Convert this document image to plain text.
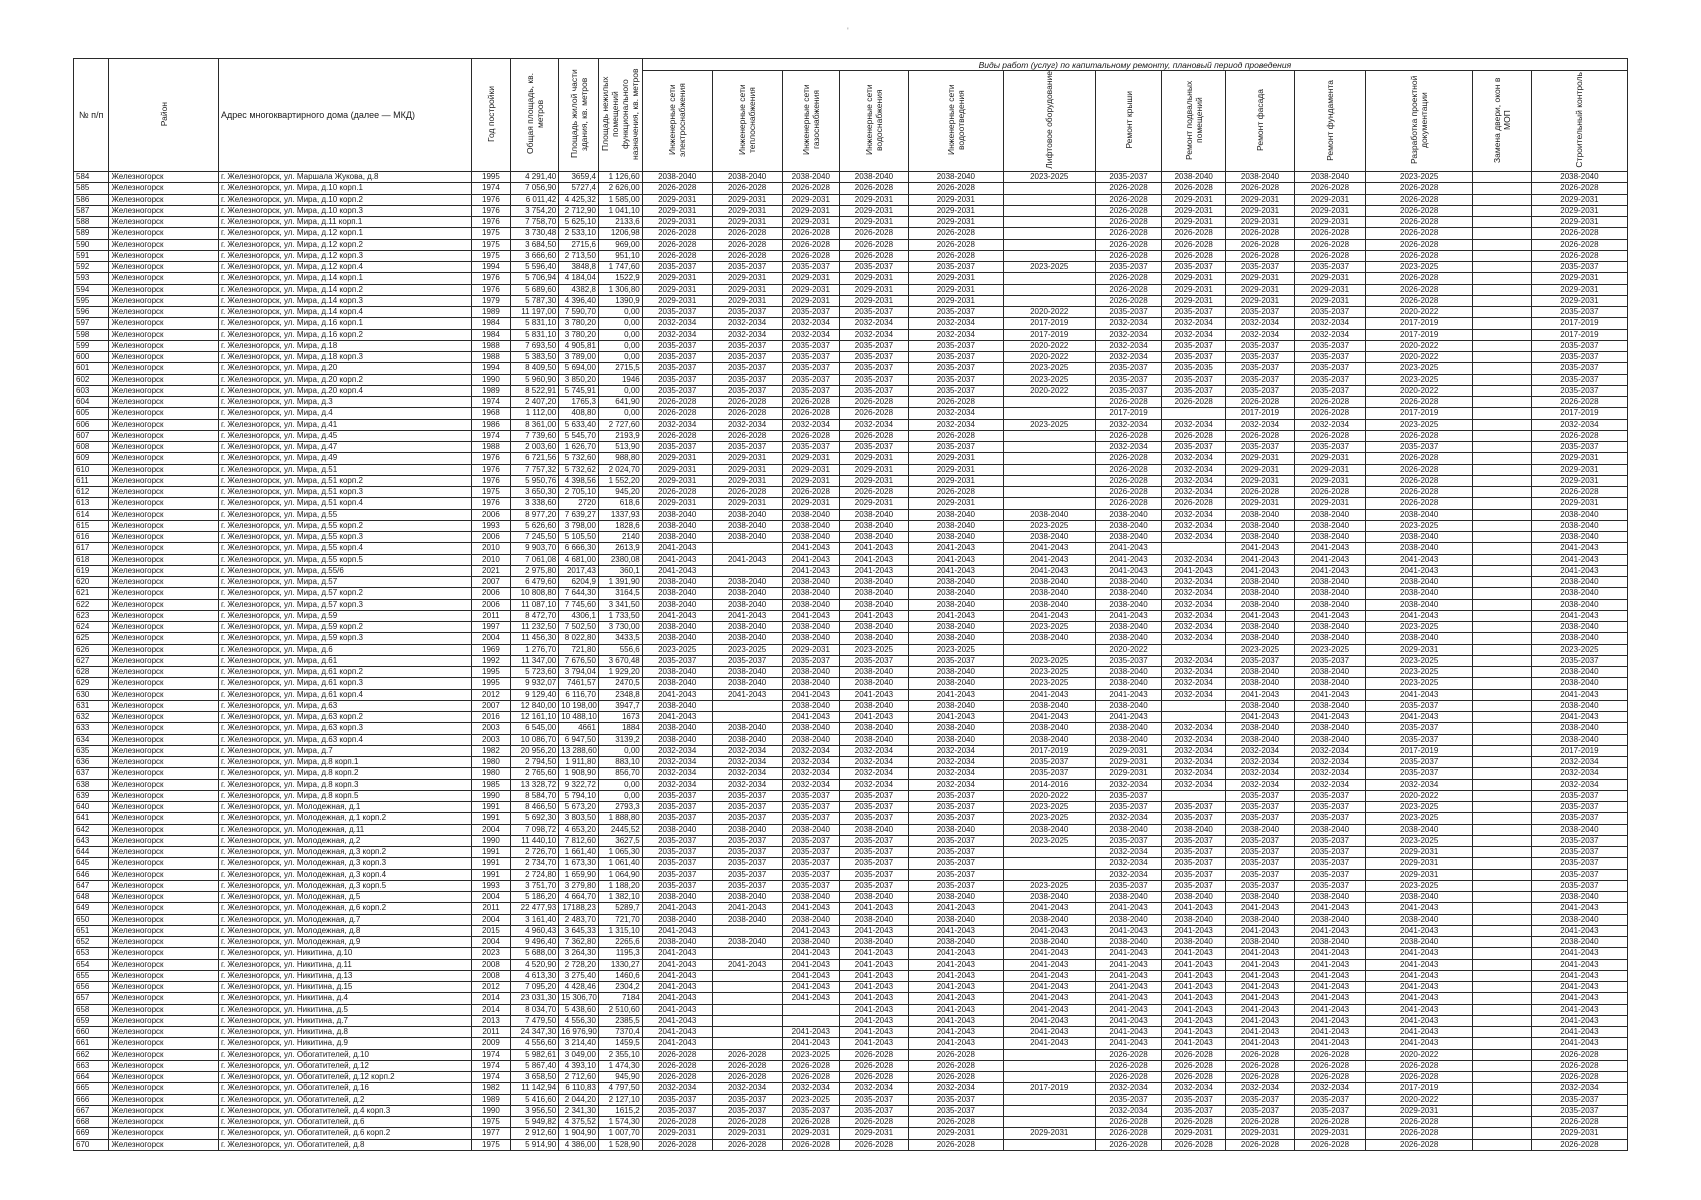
'
№ п/п	Район	Адрес многоквартирного дома (далее — МКД)	Год постройки	Общая площадь, кв. метров	Площадь жилой части здания, кв. метров	Площадь нежилых помещений функционального назначения, кв. метров	Виды работ (услуг) по капитальному ремонту, плановый период проведения												
							Инженерные сети электроснабжения	Инженерные сети теплоснабжения	Инженерные сети газоснабжения	Инженерные сети водоснабжения	Инженерные сети водоотведения	Лифтовое оборудование	Ремонт крыши	Ремонт подвальных помещений	Ремонт фасада	Ремонт фундамента	Разработка проектной документации	Замена двери, окон в МОП	Строительный контроль
584	Железногорск	г. Железногорск, ул. Маршала Жукова, д.8	1995	4 291,40	3659,4	1 126,60	2038-2040	2038-2040	2038-2040	2038-2040	2038-2040	2023-2025	2035-2037	2038-2040	2038-2040	2038-2040	2023-2025		2038-2040
585	Железногорск	г. Железногорск, ул. Мира, д.10 корп.1	1974	7 056,90	5727,4	2 626,00	2026-2028	2026-2028	2026-2028	2026-2028	2026-2028		2026-2028	2026-2028	2026-2028	2026-2028	2026-2028		2026-2028
586	Железногорск	г. Железногорск, ул. Мира, д.10 корп.2	1976	6 011,42	4 425,32	1 585,00	2029-2031	2029-2031	2029-2031	2029-2031	2029-2031		2026-2028	2029-2031	2029-2031	2029-2031	2026-2028		2029-2031
587	Железногорск	г. Железногорск, ул. Мира, д.10 корп.3	1976	3 754,20	2 712,90	1 041,10	2029-2031	2029-2031	2029-2031	2029-2031	2029-2031		2026-2028	2029-2031	2029-2031	2029-2031	2026-2028		2029-2031
588	Железногорск	г. Железногорск, ул. Мира, д.11 корп.1	1976	7 758,70	5 625,10	2133,6	2029-2031	2029-2031	2029-2031	2029-2031	2029-2031		2026-2028	2029-2031	2029-2031	2029-2031	2026-2028		2029-2031
589	Железногорск	г. Железногорск, ул. Мира, д.12 корп.1	1975	3 730,48	2 533,10	1206,98	2026-2028	2026-2028	2026-2028	2026-2028	2026-2028		2026-2028	2026-2028	2026-2028	2026-2028	2026-2028		2026-2028
590	Железногорск	г. Железногорск, ул. Мира, д.12 корп.2	1975	3 684,50	2715,6	969,00	2026-2028	2026-2028	2026-2028	2026-2028	2026-2028		2026-2028	2026-2028	2026-2028	2026-2028	2026-2028		2026-2028
591	Железногорск	г. Железногорск, ул. Мира, д.12 корп.3	1975	3 666,60	2 713,50	951,10	2026-2028	2026-2028	2026-2028	2026-2028	2026-2028		2026-2028	2026-2028	2026-2028	2026-2028	2026-2028		2026-2028
592	Железногорск	г. Железногорск, ул. Мира, д.12 корп.4	1994	5 596,40	3848,8	1 747,60	2035-2037	2035-2037	2035-2037	2035-2037	2035-2037	2023-2025	2035-2037	2035-2037	2035-2037	2035-2037	2023-2025		2035-2037
593	Железногорск	г. Железногорск, ул. Мира, д.14 корп.1	1976	5 706,94	4 184,04	1522,9	2029-2031	2029-2031	2029-2031	2029-2031	2029-2031		2026-2028	2029-2031	2029-2031	2029-2031	2026-2028		2029-2031
594	Железногорск	г. Железногорск, ул. Мира, д.14 корп.2	1976	5 689,60	4382,8	1 306,80	2029-2031	2029-2031	2029-2031	2029-2031	2029-2031		2026-2028	2029-2031	2029-2031	2029-2031	2026-2028		2029-2031
595	Железногорск	г. Железногорск, ул. Мира, д.14 корп.3	1979	5 787,30	4 396,40	1390,9	2029-2031	2029-2031	2029-2031	2029-2031	2029-2031		2026-2028	2029-2031	2029-2031	2029-2031	2026-2028		2029-2031
596	Железногорск	г. Железногорск, ул. Мира, д.14 корп.4	1989	11 197,00	7 590,70	0,00	2035-2037	2035-2037	2035-2037	2035-2037	2035-2037	2020-2022	2035-2037	2035-2037	2035-2037	2035-2037	2020-2022		2035-2037
597	Железногорск	г. Железногорск, ул. Мира, д.16 корп.1	1984	5 831,10	3 780,20	0,00	2032-2034	2032-2034	2032-2034	2032-2034	2032-2034	2017-2019	2032-2034	2032-2034	2032-2034	2032-2034	2017-2019		2017-2019
598	Железногорск	г. Железногорск, ул. Мира, д.16 корп.2	1984	5 831,10	3 780,20	0,00	2032-2034	2032-2034	2032-2034	2032-2034	2032-2034	2017-2019	2032-2034	2032-2034	2032-2034	2032-2034	2017-2019		2017-2019
599	Железногорск	г. Железногорск, ул. Мира, д.18	1988	7 693,50	4 905,81	0,00	2035-2037	2035-2037	2035-2037	2035-2037	2035-2037	2020-2022	2032-2034	2035-2037	2035-2037	2035-2037	2020-2022		2035-2037
600	Железногорск	г. Железногорск, ул. Мира, д.18 корп.3	1988	5 383,50	3 789,00	0,00	2035-2037	2035-2037	2035-2037	2035-2037	2035-2037	2020-2022	2032-2034	2035-2037	2035-2037	2035-2037	2020-2022		2035-2037
601	Железногорск	г. Железногорск, ул. Мира, д.20	1994	8 409,50	5 694,00	2715,5	2035-2037	2035-2037	2035-2037	2035-2037	2035-2037	2023-2025	2035-2037	2035-2035	2035-2037	2035-2037	2023-2025		2035-2037
602	Железногорск	г. Железногорск, ул. Мира, д.20 корп.2	1990	5 960,90	3 850,20	1946	2035-2037	2035-2037	2035-2037	2035-2037	2035-2037	2023-2025	2035-2037	2035-2037	2035-2037	2035-2037	2023-2025		2035-2037
603	Железногорск	г. Железногорск, ул. Мира, д.20 корп.4	1989	8 522,91	5 745,91	0,00	2035-2037	2035-2037	2035-2037	2035-2037	2035-2037	2020-2022	2035-2037	2035-2037	2035-2037	2035-2037	2020-2022		2035-2037
604	Железногорск	г. Железногорск, ул. Мира, д.3	1974	2 407,20	1765,3	641,90	2026-2028	2026-2028	2026-2028	2026-2028	2026-2028		2026-2028	2026-2028	2026-2028	2026-2028	2026-2028		2026-2028
605	Железногорск	г. Железногорск, ул. Мира, д.4	1968	1 112,00	408,80	0,00	2026-2028	2026-2028	2026-2028	2026-2028	2032-2034		2017-2019		2017-2019	2026-2028	2017-2019		2017-2019
606	Железногорск	г. Железногорск, ул. Мира, д.41	1986	8 361,00	5 633,40	2 727,60	2032-2034	2032-2034	2032-2034	2032-2034	2032-2034	2023-2025	2032-2034	2032-2034	2032-2034	2032-2034	2023-2025		2032-2034
607	Железногорск	г. Железногорск, ул. Мира, д.45	1974	7 739,60	5 545,70	2193,9	2026-2028	2026-2028	2026-2028	2026-2028	2026-2028		2026-2028	2026-2028	2026-2028	2026-2028	2026-2028		2026-2028
608	Железногорск	г. Железногорск, ул. Мира, д.47	1988	2 003,60	1 626,70	513,90	2035-2037	2035-2037	2035-2037	2035-2037	2035-2037		2032-2034	2035-2037	2035-2037	2035-2037	2035-2037		2035-2037
609	Железногорск	г. Железногорск, ул. Мира, д.49	1976	6 721,56	5 732,60	988,80	2029-2031	2029-2031	2029-2031	2029-2031	2029-2031		2026-2028	2032-2034	2029-2031	2029-2031	2026-2028		2029-2031
610	Железногорск	г. Железногорск, ул. Мира, д.51	1976	7 757,32	5 732,62	2 024,70	2029-2031	2029-2031	2029-2031	2029-2031	2029-2031		2026-2028	2032-2034	2029-2031	2029-2031	2026-2028		2029-2031
611	Железногорск	г. Железногорск, ул. Мира, д.51 корп.2	1976	5 950,76	4 398,56	1 552,20	2029-2031	2029-2031	2029-2031	2029-2031	2029-2031		2026-2028	2032-2034	2029-2031	2029-2031	2026-2028		2029-2031
612	Железногорск	г. Железногорск, ул. Мира, д.51 корп.3	1975	3 650,30	2 705,10	945,20	2026-2028	2026-2028	2026-2028	2026-2028	2026-2028		2026-2028	2032-2034	2026-2028	2026-2028	2026-2028		2026-2028
613	Железногорск	г. Железногорск, ул. Мира, д.51 корп.4	1976	3 338,60	2720	618,6	2029-2031	2029-2031	2029-2031	2029-2031	2029-2031		2026-2028	2026-2028	2029-2031	2029-2031	2026-2028		2029-2031
614	Железногорск	г. Железногорск, ул. Мира, д.55	2006	8 977,20	7 639,27	1337,93	2038-2040	2038-2040	2038-2040	2038-2040	2038-2040	2038-2040	2038-2040	2032-2034	2038-2040	2038-2040	2038-2040		2038-2040
615	Железногорск	г. Железногорск, ул. Мира, д.55 корп.2	1993	5 626,60	3 798,00	1828,6	2038-2040	2038-2040	2038-2040	2038-2040	2038-2040	2023-2025	2038-2040	2032-2034	2038-2040	2038-2040	2023-2025		2038-2040
616	Железногорск	г. Железногорск, ул. Мира, д.55 корп.3	2006	7 245,50	5 105,50	2140	2038-2040	2038-2040	2038-2040	2038-2040	2038-2040	2038-2040	2038-2040	2032-2034	2038-2040	2038-2040	2038-2040		2038-2040
617	Железногорск	г. Железногорск, ул. Мира, д.55 корп.4	2010	9 903,70	6 666,30	2613,9	2041-2043		2041-2043	2041-2043	2041-2043	2041-2043	2041-2043		2041-2043	2041-2043	2038-2040		2041-2043
618	Железногорск	г. Железногорск, ул. Мира, д.55 корп.5	2010	7 061,08	4 681,00	2380,08	2041-2043	2041-2043	2041-2043	2041-2043	2041-2043	2041-2043	2041-2043	2032-2034	2041-2043	2041-2043	2041-2043		2041-2043
619	Железногорск	г. Железногорск, ул. Мира, д.55/6	2021	2 975,80	2017,43	360,1	2041-2043		2041-2043	2041-2043	2041-2043	2041-2043	2041-2043	2041-2043	2041-2043	2041-2043	2041-2043		2041-2043
620	Железногорск	г. Железногорск, ул. Мира, д.57	2007	6 479,60	6204,9	1 391,90	2038-2040	2038-2040	2038-2040	2038-2040	2038-2040	2038-2040	2038-2040	2032-2034	2038-2040	2038-2040	2038-2040		2038-2040
621	Железногорск	г. Железногорск, ул. Мира, д.57 корп.2	2006	10 808,80	7 644,30	3164,5	2038-2040	2038-2040	2038-2040	2038-2040	2038-2040	2038-2040	2038-2040	2032-2034	2038-2040	2038-2040	2038-2040		2038-2040
622	Железногорск	г. Железногорск, ул. Мира, д.57 корп.3	2006	11 087,10	7 745,60	3 341,50	2038-2040	2038-2040	2038-2040	2038-2040	2038-2040	2038-2040	2038-2040	2032-2034	2038-2040	2038-2040	2038-2040		2038-2040
623	Железногорск	г. Железногорск, ул. Мира, д.59	2011	8 472,70	4306,1	1 733,50	2041-2043	2041-2043	2041-2043	2041-2043	2041-2043	2041-2043	2041-2043	2032-2034	2041-2043	2041-2043	2041-2043		2041-2043
624	Железногорск	г. Железногорск, ул. Мира, д.59 корп.2	1997	11 232,50	7 502,50	3 730,00	2038-2040	2038-2040	2038-2040	2038-2040	2038-2040	2023-2025	2038-2040	2032-2034	2038-2040	2038-2040	2023-2025		2038-2040
625	Железногорск	г. Железногорск, ул. Мира, д.59 корп.3	2004	11 456,30	8 022,80	3433,5	2038-2040	2038-2040	2038-2040	2038-2040	2038-2040	2038-2040	2038-2040	2032-2034	2038-2040	2038-2040	2038-2040		2038-2040
626	Железногорск	г. Железногорск, ул. Мира, д.6	1969	1 276,70	721,80	556,6	2023-2025	2023-2025	2029-2031	2023-2025	2023-2025		2020-2022		2023-2025	2023-2025	2029-2031		2023-2025
627	Железногорск	г. Железногорск, ул. Мира, д.61	1992	11 347,00	7 676,50	3 670,48	2035-2037	2035-2037	2035-2037	2035-2037	2035-2037	2023-2025	2035-2037	2032-2034	2035-2037	2035-2037	2023-2025		2035-2037
628	Железногорск	г. Железногорск, ул. Мира, д.61 корп.2	1995	5 723,60	3 794,04	1 929,20	2038-2040	2038-2040	2038-2040	2038-2040	2038-2040	2023-2025	2038-2040	2032-2034	2038-2040	2038-2040	2023-2025		2038-2040
629	Железногорск	г. Железногорск, ул. Мира, д.61 корп.3	1995	9 932,07	7461,57	2470,5	2038-2040	2038-2040	2038-2040	2038-2040	2038-2040	2023-2025	2038-2040	2032-2034	2038-2040	2038-2040	2023-2025		2038-2040
630	Железногорск	г. Железногорск, ул. Мира, д.61 корп.4	2012	9 129,40	6 116,70	2348,8	2041-2043	2041-2043	2041-2043	2041-2043	2041-2043	2041-2043	2041-2043	2032-2034	2041-2043	2041-2043	2041-2043		2041-2043
631	Железногорск	г. Железногорск, ул. Мира, д.63	2007	12 840,00	10 198,00	3947,7	2038-2040		2038-2040	2038-2040	2038-2040	2038-2040	2038-2040		2038-2040	2038-2040	2035-2037		2038-2040
632	Железногорск	г. Железногорск, ул. Мира, д.63 корп.2	2016	12 161,10	10 488,10	1673	2041-2043		2041-2043	2041-2043	2041-2043	2041-2043	2041-2043		2041-2043	2041-2043	2041-2043		2041-2043
633	Железногорск	г. Железногорск, ул. Мира, д.63 корп.3	2003	6 545,00	4661	1884	2038-2040	2038-2040	2038-2040	2038-2040	2038-2040	2038-2040	2038-2040	2032-2034	2038-2040	2038-2040	2035-2037		2038-2040
634	Железногорск	г. Железногорск, ул. Мира, д.63 корп.4	2003	10 086,70	6 947,50	3139,2	2038-2040	2038-2040	2038-2040	2038-2040	2038-2040	2038-2040	2038-2040	2032-2034	2038-2040	2038-2040	2035-2037		2038-2040
635	Железногорск	г. Железногорск, ул. Мира, д.7	1982	20 956,20	13 288,60	0,00	2032-2034	2032-2034	2032-2034	2032-2034	2032-2034	2017-2019	2029-2031	2032-2034	2032-2034	2032-2034	2017-2019		2017-2019
636	Железногорск	г. Железногорск, ул. Мира, д.8 корп.1	1980	2 794,50	1 911,80	883,10	2032-2034	2032-2034	2032-2034	2032-2034	2032-2034	2035-2037	2029-2031	2032-2034	2032-2034	2032-2034	2035-2037		2032-2034
637	Железногорск	г. Железногорск, ул. Мира, д.8 корп.2	1980	2 765,60	1 908,90	856,70	2032-2034	2032-2034	2032-2034	2032-2034	2032-2034	2035-2037	2029-2031	2032-2034	2032-2034	2032-2034	2035-2037		2032-2034
638	Железногорск	г. Железногорск, ул. Мира, д.8 корп.3	1985	13 328,72	9 322,72	0,00	2032-2034	2032-2034	2032-2034	2032-2034	2032-2034	2014-2016	2032-2034	2032-2034	2032-2034	2032-2034	2032-2034		2032-2034
639	Железногорск	г. Железногорск, ул. Мира, д.8 корп.5	1990	8 584,70	5 794,10	0,00	2035-2037	2035-2037	2035-2037	2035-2037	2035-2037	2020-2022	2035-2037		2035-2037	2035-2037	2020-2022		2035-2037
640	Железногорск	г. Железногорск, ул. Молодежная, д.1	1991	8 466,50	5 673,20	2793,3	2035-2037	2035-2037	2035-2037	2035-2037	2035-2037	2023-2025	2035-2037	2035-2037	2035-2037	2035-2037	2023-2025		2035-2037
641	Железногорск	г. Железногорск, ул. Молодежная, д.1 корп.2	1991	5 692,30	3 803,50	1 888,80	2035-2037	2035-2037	2035-2037	2035-2037	2035-2037	2023-2025	2032-2034	2035-2037	2035-2037	2035-2037	2023-2025		2035-2037
642	Железногорск	г. Железногорск, ул. Молодежная, д.11	2004	7 098,72	4 653,20	2445,52	2038-2040	2038-2040	2038-2040	2038-2040	2038-2040	2038-2040	2038-2040	2038-2040	2038-2040	2038-2040	2038-2040		2038-2040
643	Железногорск	г. Железногорск, ул. Молодежная, д.2	1990	11 440,10	7 812,60	3627,5	2035-2037	2035-2037	2035-2037	2035-2037	2035-2037	2023-2025	2035-2037	2035-2037	2035-2037	2035-2037	2023-2025		2035-2037
644	Железногорск	г. Железногорск, ул. Молодежная, д.3 корп.2	1991	2 726,70	1 661,40	1 065,30	2035-2037	2035-2037	2035-2037	2035-2037	2035-2037		2032-2034	2035-2037	2035-2037	2035-2037	2029-2031		2035-2037
645	Железногорск	г. Железногорск, ул. Молодежная, д.3 корп.3	1991	2 734,70	1 673,30	1 061,40	2035-2037	2035-2037	2035-2037	2035-2037	2035-2037		2032-2034	2035-2037	2035-2037	2035-2037	2029-2031		2035-2037
646	Железногорск	г. Железногорск, ул. Молодежная, д.3 корп.4	1991	2 724,80	1 659,90	1 064,90	2035-2037	2035-2037	2035-2037	2035-2037	2035-2037		2032-2034	2035-2037	2035-2037	2035-2037	2029-2031		2035-2037
647	Железногорск	г. Железногорск, ул. Молодежная, д.3 корп.5	1993	3 751,70	3 279,80	1 188,20	2035-2037	2035-2037	2035-2037	2035-2037	2035-2037	2023-2025	2035-2037	2035-2037	2035-2037	2035-2037	2023-2025		2035-2037
648	Железногорск	г. Железногорск, ул. Молодежная, д.5	2004	5 186,20	4 664,70	1 382,10	2038-2040	2038-2040	2038-2040	2038-2040	2038-2040	2038-2040	2038-2040	2038-2040	2038-2040	2038-2040	2038-2040		2038-2040
649	Железногорск	г. Железногорск, ул. Молодежная, д.6 корп.2	2011	22 477,93	17188,23	5289,7	2041-2043	2041-2043	2041-2043	2041-2043	2041-2043	2041-2043	2041-2043	2041-2043	2041-2043	2041-2043	2041-2043		2041-2043
650	Железногорск	г. Железногорск, ул. Молодежная, д.7	2004	3 161,40	2 483,70	721,70	2038-2040	2038-2040	2038-2040	2038-2040	2038-2040	2038-2040	2038-2040	2038-2040	2038-2040	2038-2040	2038-2040		2038-2040
651	Железногорск	г. Железногорск, ул. Молодежная, д.8	2015	4 960,43	3 645,33	1 315,10	2041-2043		2041-2043	2041-2043	2041-2043	2041-2043	2041-2043	2041-2043	2041-2043	2041-2043	2041-2043		2041-2043
652	Железногорск	г. Железногорск, ул. Молодежная, д.9	2004	9 496,40	7 362,80	2265,6	2038-2040	2038-2040	2038-2040	2038-2040	2038-2040	2038-2040	2038-2040	2038-2040	2038-2040	2038-2040	2038-2040		2038-2040
653	Железногорск	г. Железногорск, ул. Никитина, д.10	2023	5 688,00	3 264,30	1195,3	2041-2043		2041-2043	2041-2043	2041-2043	2041-2043	2041-2043	2041-2043	2041-2043	2041-2043	2041-2043		2041-2043
654	Железногорск	г. Железногорск, ул. Никитина, д.11	2008	4 520,90	2 728,20	1330,27	2041-2043	2041-2043	2041-2043	2041-2043	2041-2043	2041-2043	2041-2043	2041-2043	2041-2043	2041-2043	2041-2043		2041-2043
655	Железногорск	г. Железногорск, ул. Никитина, д.13	2008	4 613,30	3 275,40	1460,6	2041-2043		2041-2043	2041-2043	2041-2043	2041-2043	2041-2043	2041-2043	2041-2043	2041-2043	2041-2043		2041-2043
656	Железногорск	г. Железногорск, ул. Никитина, д.15	2012	7 095,20	4 428,46	2304,2	2041-2043		2041-2043	2041-2043	2041-2043	2041-2043	2041-2043	2041-2043	2041-2043	2041-2043	2041-2043		2041-2043
657	Железногорск	г. Железногорск, ул. Никитина, д.4	2014	23 031,30	15 306,70	7184	2041-2043		2041-2043	2041-2043	2041-2043	2041-2043	2041-2043	2041-2043	2041-2043	2041-2043	2041-2043		2041-2043
658	Железногорск	г. Железногорск, ул. Никитина, д.5	2014	8 034,70	5 438,60	2 510,60	2041-2043			2041-2043	2041-2043	2041-2043	2041-2043	2041-2043	2041-2043	2041-2043	2041-2043		2041-2043
659	Железногорск	г. Железногорск, ул. Никитина, д.7	2013	7 479,50	4 556,30	2385,5	2041-2043			2041-2043	2041-2043	2041-2043	2041-2043	2041-2043	2041-2043	2041-2043	2041-2043		2041-2043
660	Железногорск	г. Железногорск, ул. Никитина, д.8	2011	24 347,30	16 976,90	7370,4	2041-2043		2041-2043	2041-2043	2041-2043	2041-2043	2041-2043	2041-2043	2041-2043	2041-2043	2041-2043		2041-2043
661	Железногорск	г. Железногорск, ул. Никитина, д.9	2009	4 556,60	3 214,40	1459,5	2041-2043		2041-2043	2041-2043	2041-2043	2041-2043	2041-2043	2041-2043	2041-2043	2041-2043	2041-2043		2041-2043
662	Железногорск	г. Железногорск, ул. Обогатителей, д.10	1974	5 982,61	3 049,00	2 355,10	2026-2028	2026-2028	2023-2025	2026-2028	2026-2028		2026-2028	2026-2028	2026-2028	2026-2028	2020-2022		2026-2028
663	Железногорск	г. Железногорск, ул. Обогатителей, д.12	1974	5 867,40	4 393,10	1 474,30	2026-2028	2026-2028	2026-2028	2026-2028	2026-2028		2026-2028	2026-2028	2026-2028	2026-2028	2026-2028		2026-2028
664	Железногорск	г. Железногорск, ул. Обогатителей, д.12 корп.2	1974	3 658,50	2 712,60	945,90	2026-2028	2026-2028	2026-2028	2026-2028	2026-2028		2026-2028	2026-2028	2026-2028	2026-2028	2026-2028		2026-2028
665	Железногорск	г. Железногорск, ул. Обогатителей, д.16	1982	11 142,94	6 110,83	4 797,50	2032-2034	2032-2034	2032-2034	2032-2034	2032-2034	2017-2019	2032-2034	2032-2034	2032-2034	2032-2034	2017-2019		2032-2034
666	Железногорск	г. Железногорск, ул. Обогатителей, д.2	1989	5 416,60	2 044,20	2 127,10	2035-2037	2035-2037	2023-2025	2035-2037	2035-2037		2035-2037	2035-2037	2035-2037	2035-2037	2020-2022		2035-2037
667	Железногорск	г. Железногорск, ул. Обогатителей, д.4 корп.3	1990	3 956,50	2 341,30	1615,2	2035-2037	2035-2037	2035-2037	2035-2037	2035-2037		2032-2034	2035-2037	2035-2037	2035-2037	2029-2031		2035-2037
668	Железногорск	г. Железногорск, ул. Обогатителей, д.6	1975	5 949,82	4 375,52	1 574,30	2026-2028	2026-2028	2026-2028	2026-2028	2026-2028		2026-2028	2026-2028	2026-2028	2026-2028	2026-2028		2026-2028
669	Железногорск	г. Железногорск, ул. Обогатителей, д.6 корп.2	1977	2 912,60	1 904,90	1 007,70	2029-2031	2029-2031	2029-2031	2029-2031	2029-2031	2029-2031	2026-2028	2029-2031	2029-2031	2029-2031	2026-2028		2029-2031
670	Железногорск	г. Железногорск, ул. Обогатителей, д.8	1975	5 914,90	4 386,00	1 528,90	2026-2028	2026-2028	2026-2028	2026-2028	2026-2028		2026-2028	2026-2028	2026-2028	2026-2028	2026-2028		2026-2028
